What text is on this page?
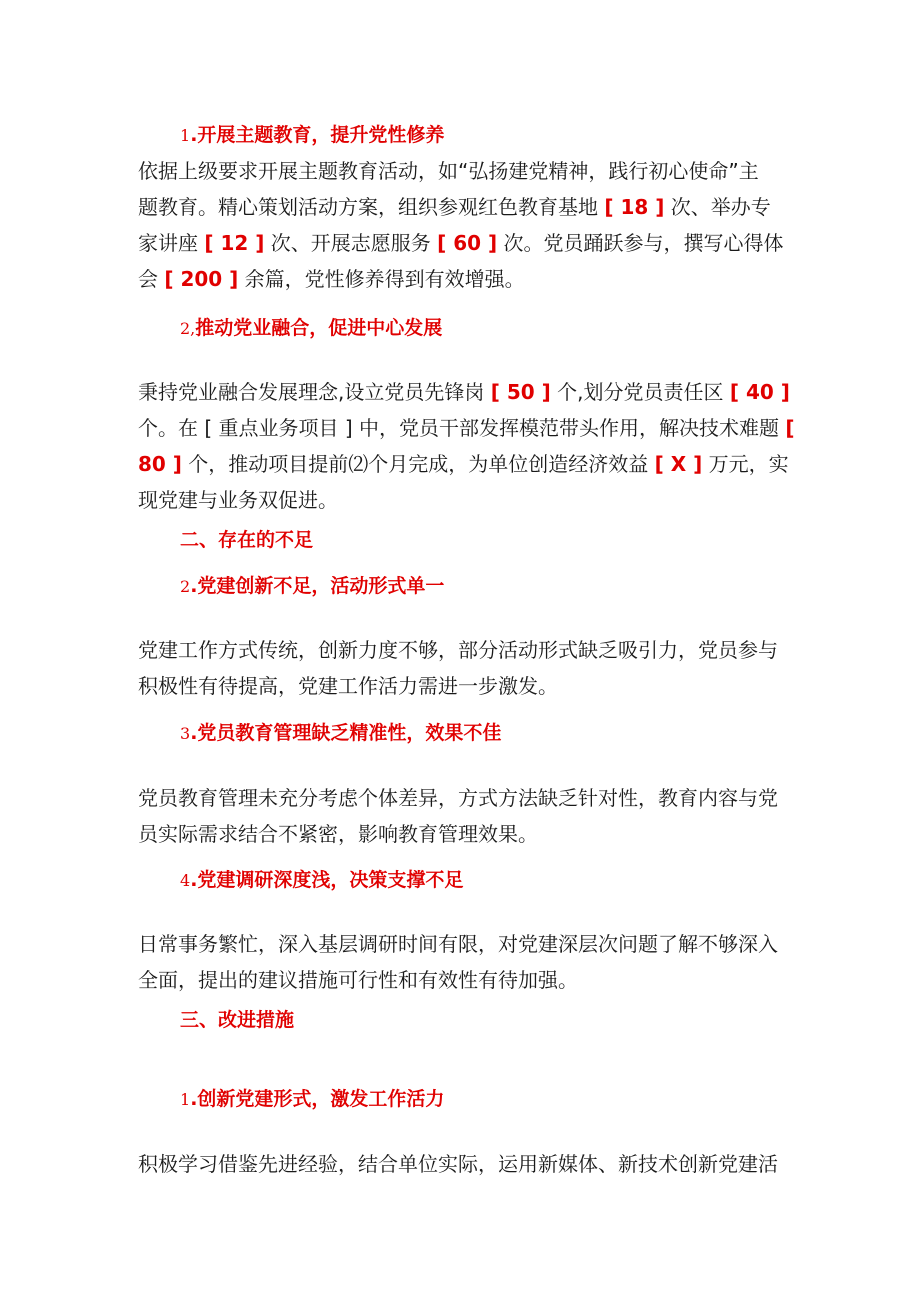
1.开展主题教育，提升党性修养
依据上级要求开展主题教育活动，如“弘扬建党精神，践行初心使命”主
题教育。精心策划活动方案，组织参观红色教育基地 [ 18 ] 次、举办专
家讲座 [ 12 ] 次、开展志愿服务 [ 60 ] 次。党员踊跃参与，撰写心得体
会 [ 200 ] 余篇，党性修养得到有效增强。
2,推动党业融合，促进中心发展
秉持党业融合发展理念,设立党员先锋岗 [ 50 ] 个,划分党员责任区 [ 40 ]
个。在 [ 重点业务项目 ] 中，党员干部发挥模范带头作用，解决技术难题 [
80 ] 个，推动项目提前⑵个月完成，为单位创造经济效益 [ X ] 万元，实
现党建与业务双促进。
二、存在的不足
2.党建创新不足，活动形式单一
党建工作方式传统，创新力度不够，部分活动形式缺乏吸引力，党员参与
积极性有待提高，党建工作活力需进一步激发。
3.党员教育管理缺乏精准性，效果不佳
党员教育管理未充分考虑个体差异，方式方法缺乏针对性，教育内容与党
员实际需求结合不紧密，影响教育管理效果。
4.党建调研深度浅，决策支撑不足
日常事务繁忙，深入基层调研时间有限，对党建深层次问题了解不够深入
全面，提出的建议措施可行性和有效性有待加强。
三、改进措施
1.创新党建形式，激发工作活力
积极学习借鉴先进经验，结合单位实际，运用新媒体、新技术创新党建活
